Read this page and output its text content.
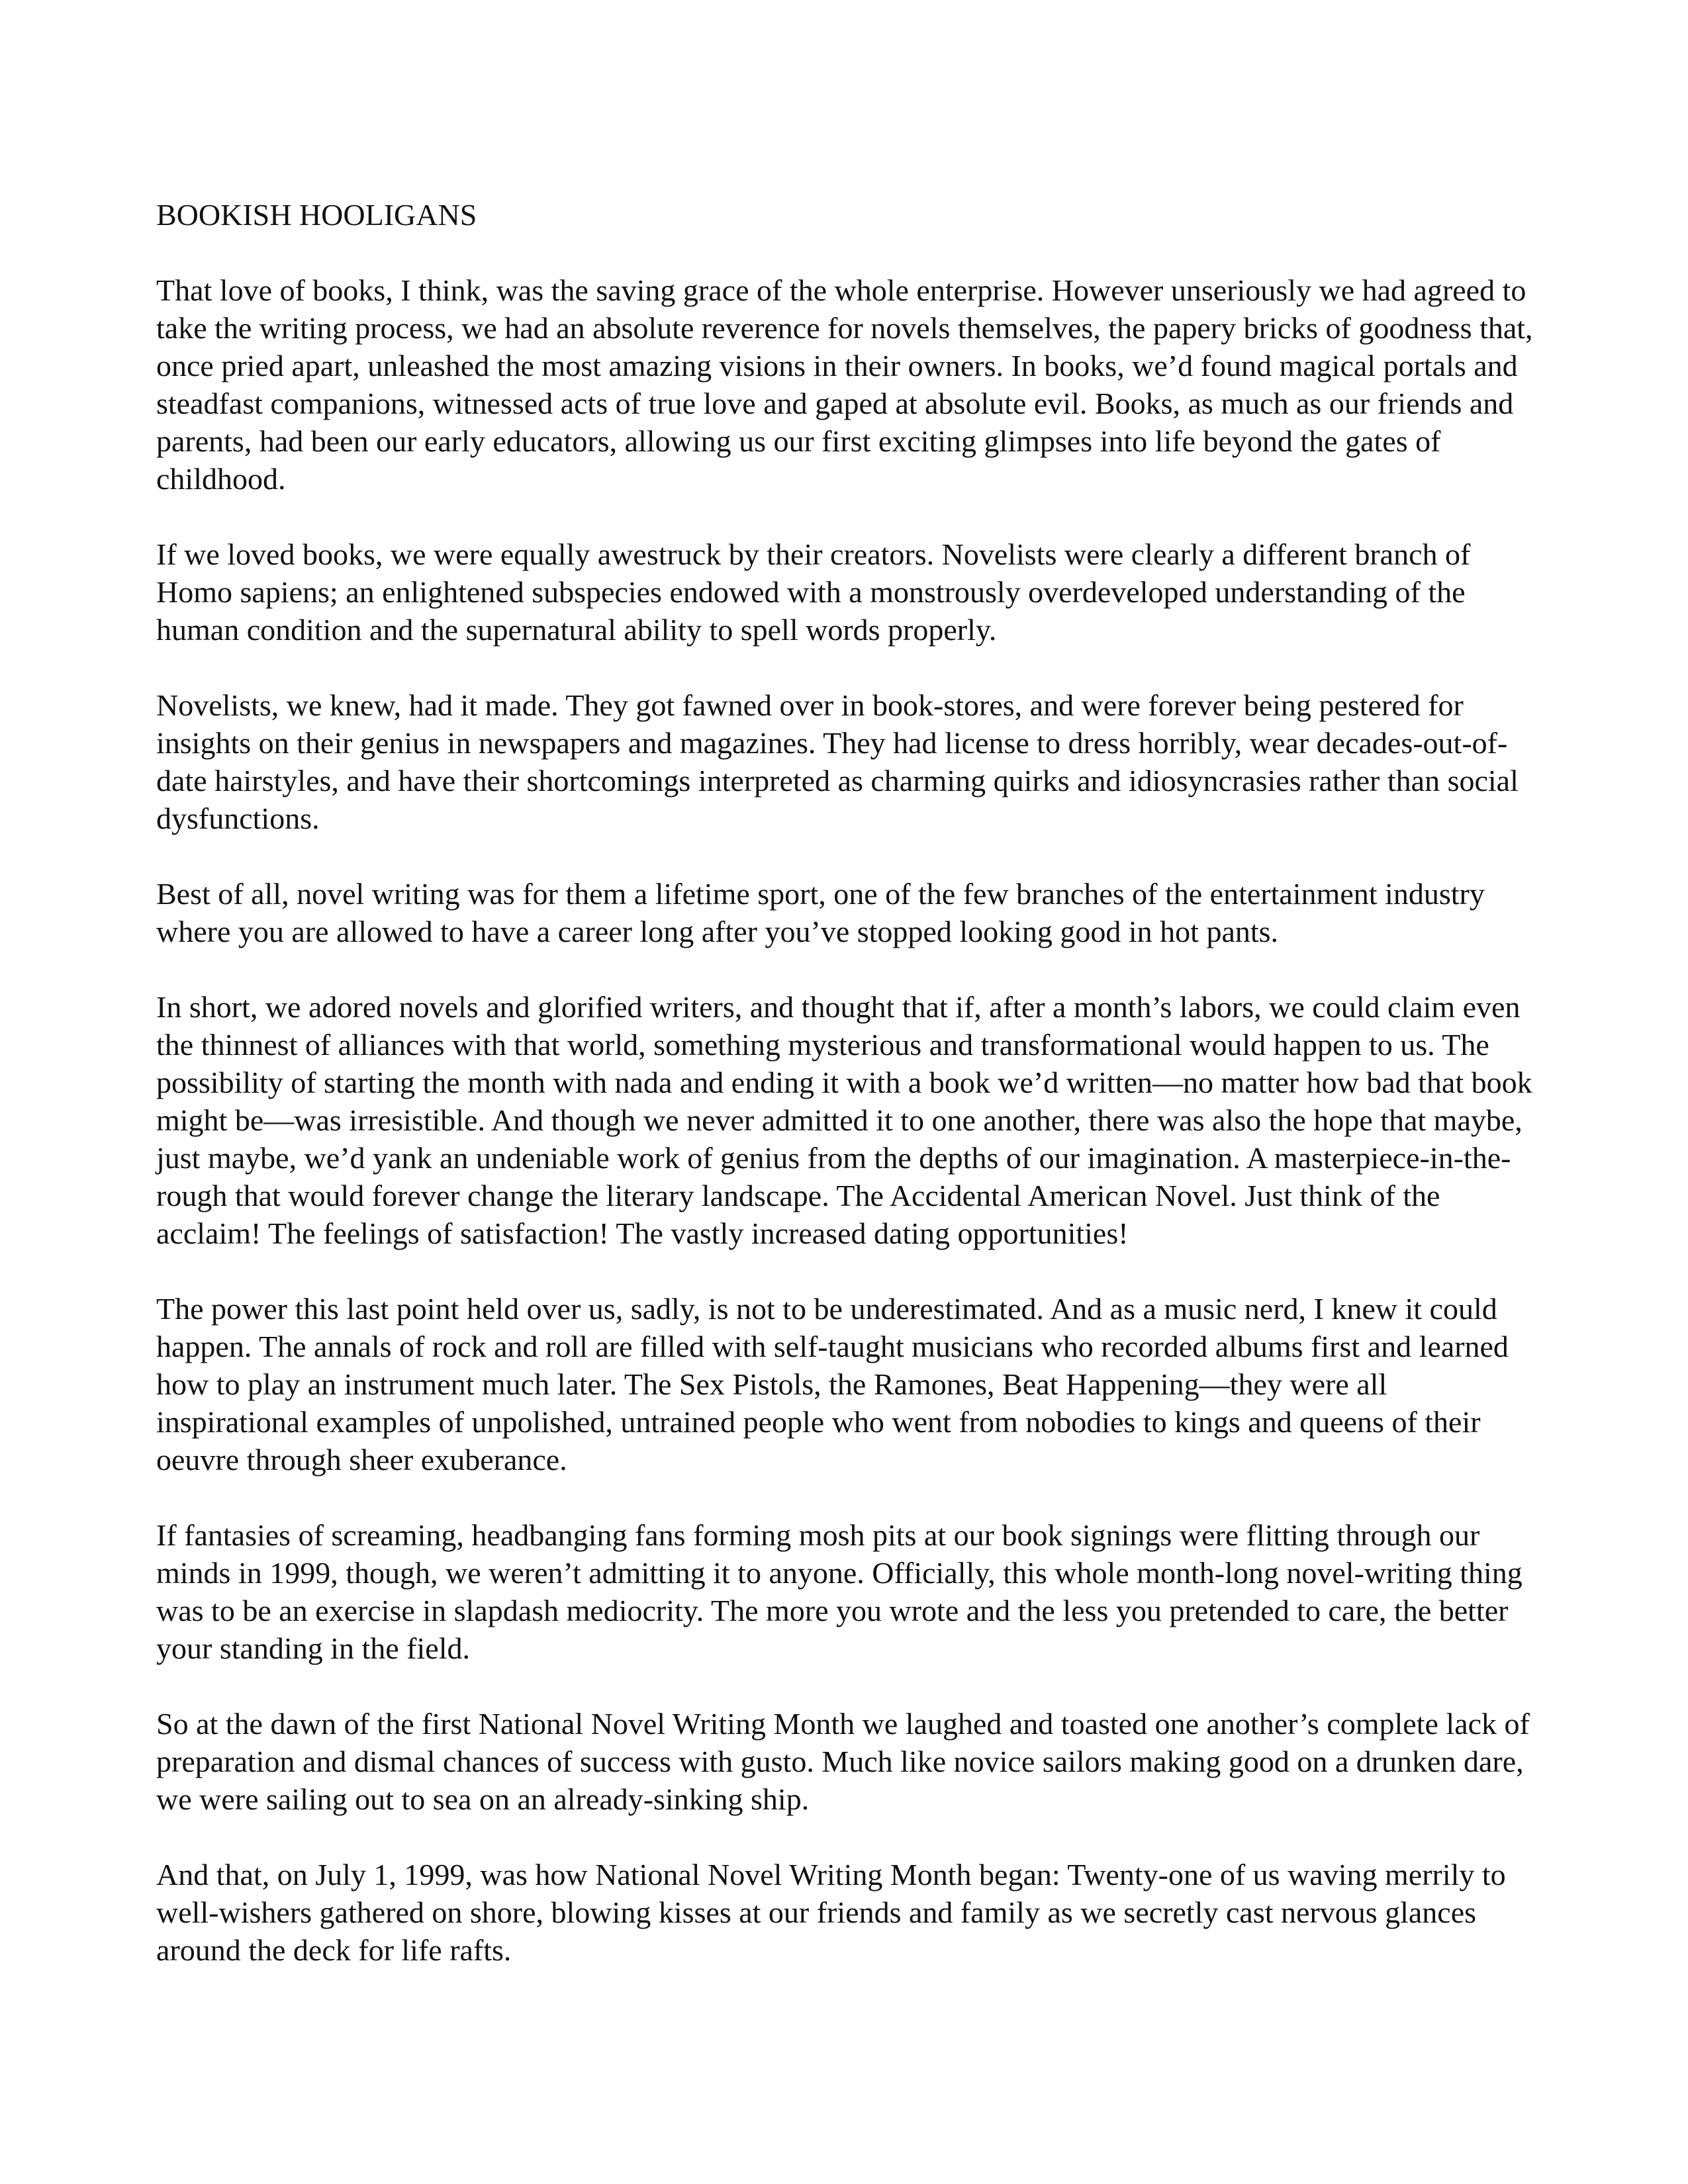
BOOKISH HOOLIGANS

That love of books, I think, was the saving grace of the whole enterprise. However unseriously we had agreed to take the writing process, we had an absolute reverence for novels themselves, the papery bricks of goodness that, once pried apart, unleashed the most amazing visions in their owners. In books, we’d found magical portals and steadfast companions, witnessed acts of true love and gaped at absolute evil. Books, as much as our friends and parents, had been our early educators, allowing us our first exciting glimpses into life beyond the gates of childhood.

If we loved books, we were equally awestruck by their creators. Novelists were clearly a different branch of Homo sapiens; an enlightened subspecies endowed with a monstrously overdeveloped understanding of the human condition and the supernatural ability to spell words properly.

Novelists, we knew, had it made. They got fawned over in book-stores, and were forever being pestered for insights on their genius in newspapers and magazines. They had license to dress horribly, wear decades-out-of-date hairstyles, and have their shortcomings interpreted as charming quirks and idiosyncrasies rather than social dysfunctions.

Best of all, novel writing was for them a lifetime sport, one of the few branches of the entertainment industry where you are allowed to have a career long after you’ve stopped looking good in hot pants.

In short, we adored novels and glorified writers, and thought that if, after a month’s labors, we could claim even the thinnest of alliances with that world, something mysterious and transformational would happen to us. The possibility of starting the month with nada and ending it with a book we’d written—no matter how bad that book might be—was irresistible. And though we never admitted it to one another, there was also the hope that maybe, just maybe, we’d yank an undeniable work of genius from the depths of our imagination. A masterpiece-in-the-rough that would forever change the literary landscape. The Accidental American Novel. Just think of the acclaim! The feelings of satisfaction! The vastly increased dating opportunities!

The power this last point held over us, sadly, is not to be underestimated. And as a music nerd, I knew it could happen. The annals of rock and roll are filled with self-taught musicians who recorded albums first and learned how to play an instrument much later. The Sex Pistols, the Ramones, Beat Happening—they were all inspirational examples of unpolished, untrained people who went from nobodies to kings and queens of their oeuvre through sheer exuberance.

If fantasies of screaming, headbanging fans forming mosh pits at our book signings were flitting through our minds in 1999, though, we weren’t admitting it to anyone. Officially, this whole month-long novel-writing thing was to be an exercise in slapdash mediocrity. The more you wrote and the less you pretended to care, the better your standing in the field.

So at the dawn of the first National Novel Writing Month we laughed and toasted one another’s complete lack of preparation and dismal chances of success with gusto. Much like novice sailors making good on a drunken dare, we were sailing out to sea on an already-sinking ship.

And that, on July 1, 1999, was how National Novel Writing Month began: Twenty-one of us waving merrily to well-wishers gathered on shore, blowing kisses at our friends and family as we secretly cast nervous glances around the deck for life rafts.
